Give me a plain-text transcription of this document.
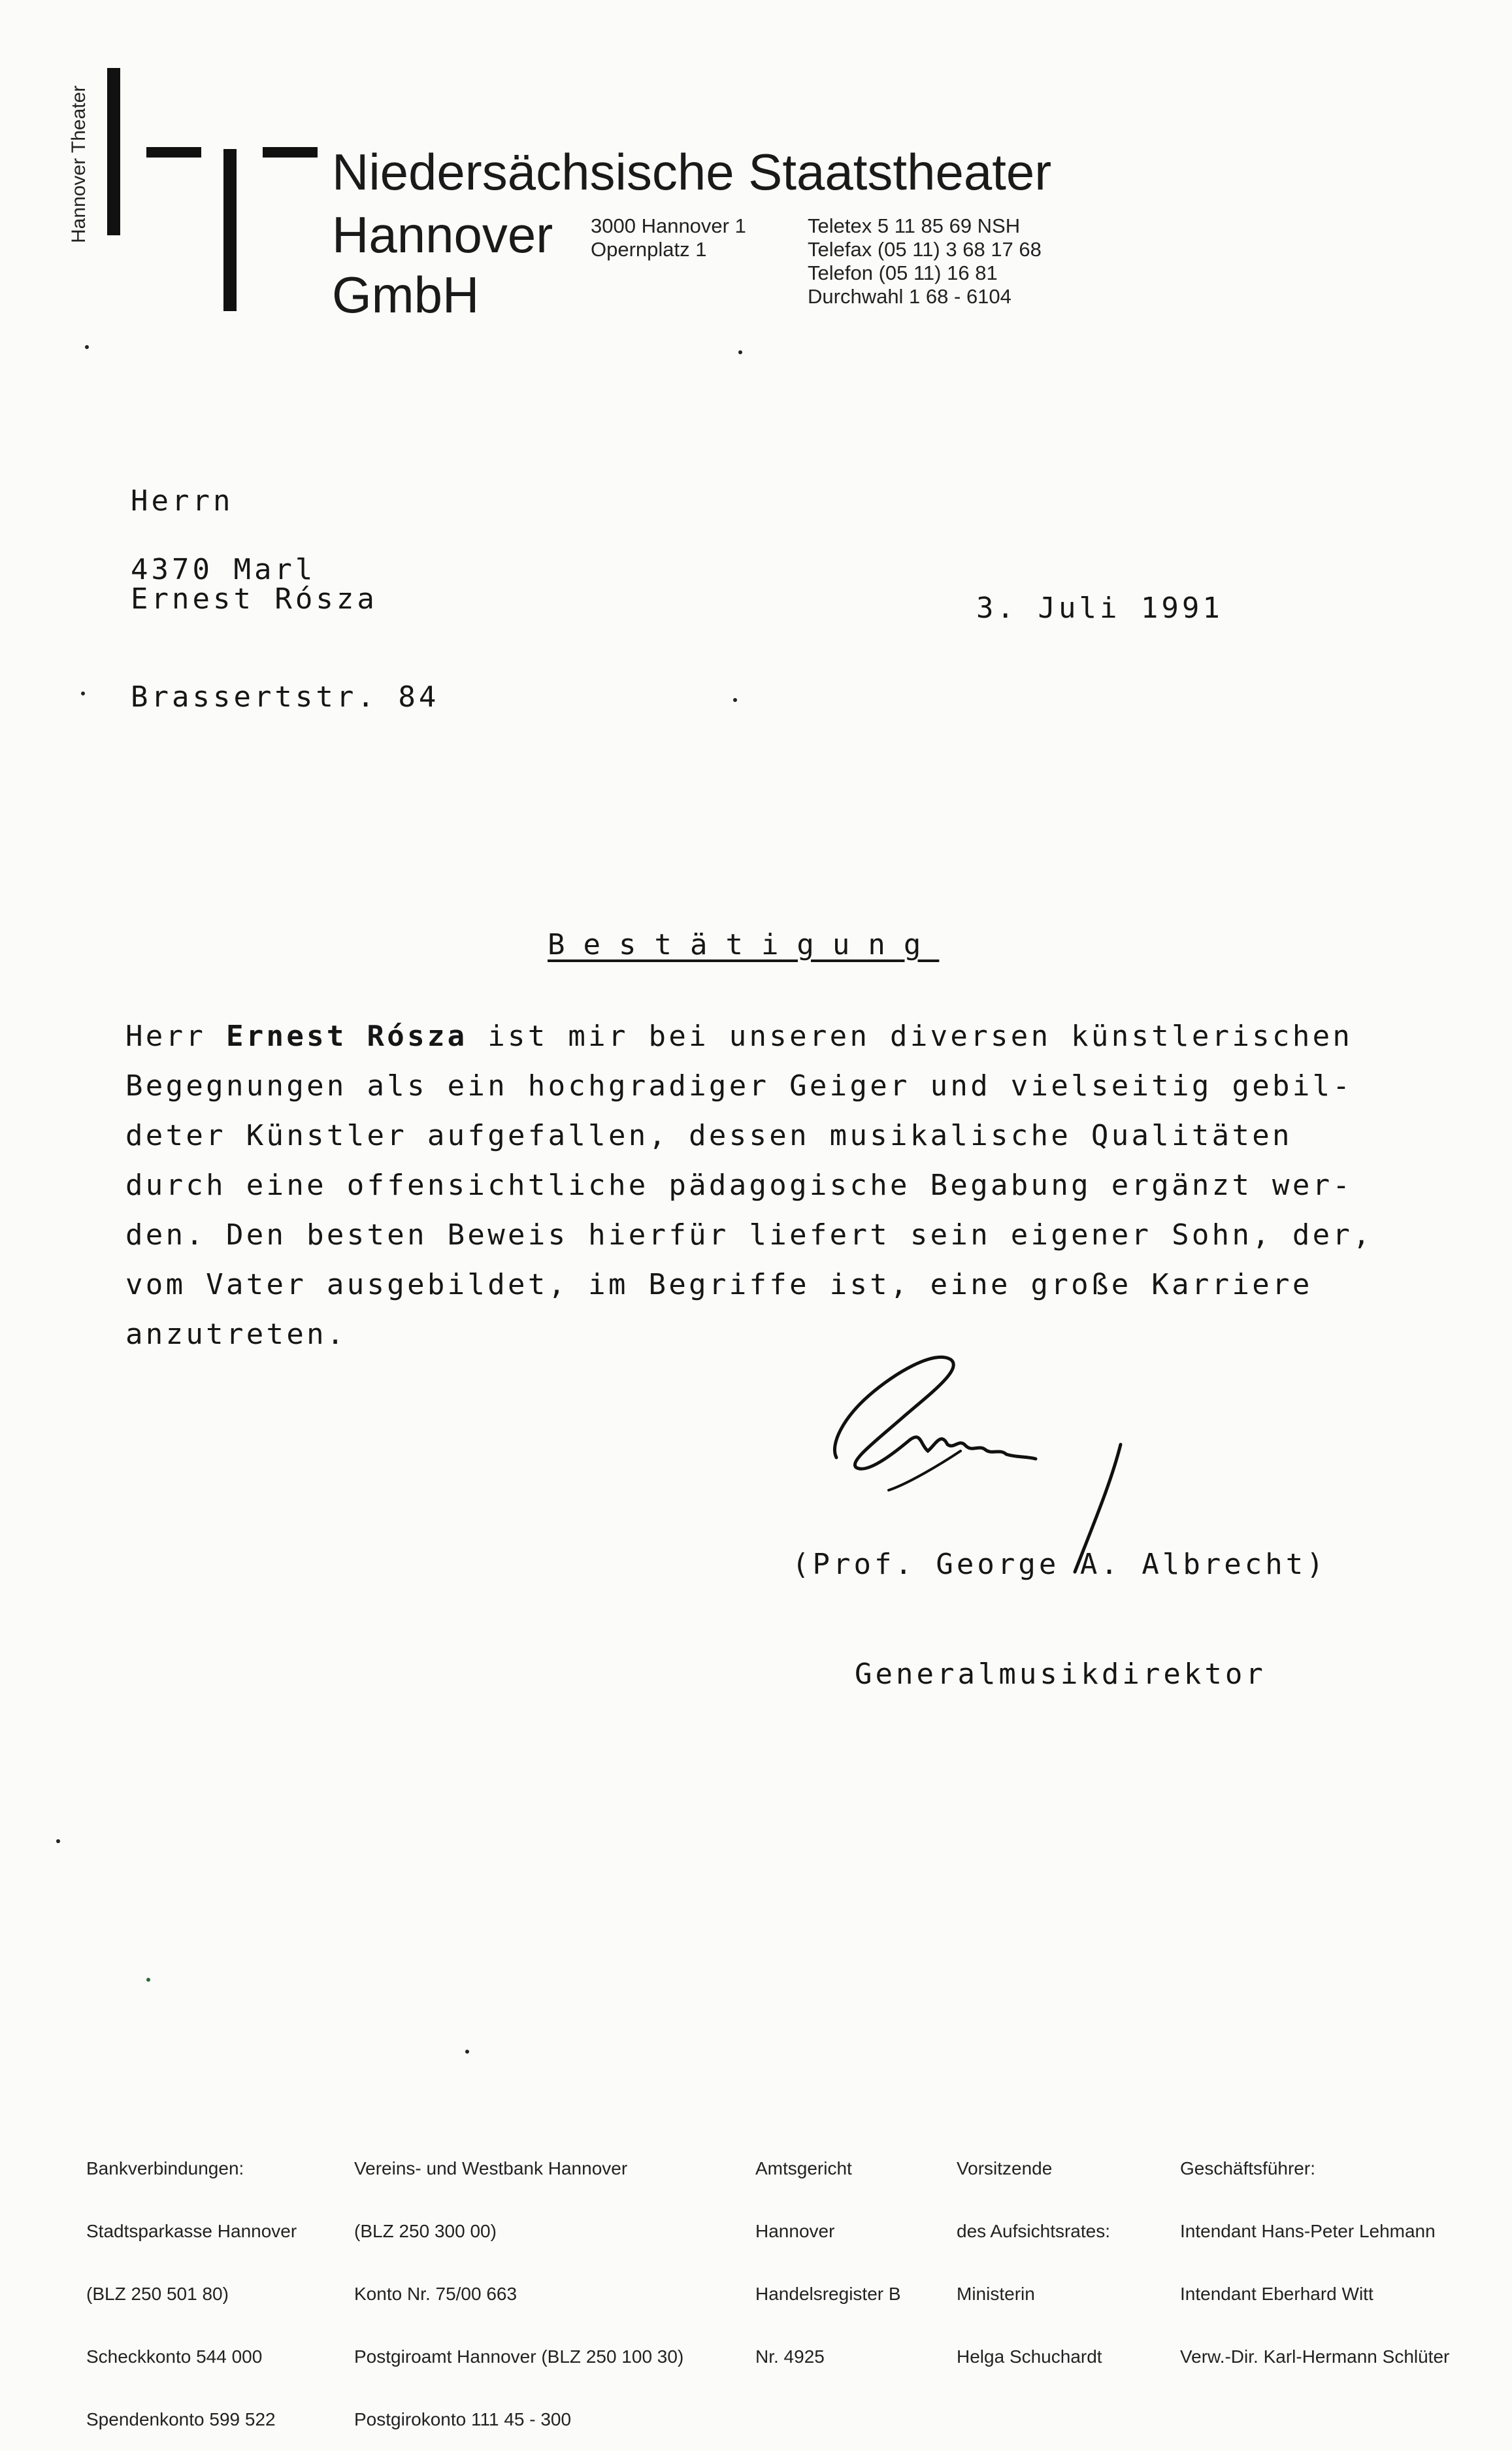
Hannover Theater	Niedersächsische Staatstheater
Hannover
GmbH
3000 Hannover 1
Opernplatz 1
Teletex 5 11 85 69 NSH
Telefax (05 11) 3 68 17 68
Telefon (05 11) 16 81
Durchwahl 1 68 - 6104

Herrn

Ernest Rósza

Brassertstr. 84

4370 Marl
3. Juli 1991
Bestätigung
Herr Ernest Rósza ist mir bei unseren diversen künstlerischen
Begegnungen als ein hochgradiger Geiger und vielseitig gebil-
deter Künstler aufgefallen, dessen musikalische Qualitäten
durch eine offensichtliche pädagogische Begabung ergänzt wer-
den. Den besten Beweis hierfür liefert sein eigener Sohn, der,
vom Vater ausgebildet, im Begriffe ist, eine große Karriere
anzutreten.

(Prof. George A. Albrecht)

Generalmusikdirektor

Bankverbindungen:

Stadtsparkasse Hannover

(BLZ 250 501 80)

Scheckkonto 544 000

Spendenkonto 599 522

Vereins- und Westbank Hannover

(BLZ 250 300 00)

Konto Nr. 75/00 663

Postgiroamt Hannover (BLZ 250 100 30)

Postgirokonto 111 45 - 300

Amtsgericht

Hannover

Handelsregister B

Nr. 4925

Vorsitzende

des Aufsichtsrates:

Ministerin

Helga Schuchardt

Geschäftsführer:

Intendant Hans-Peter Lehmann

Intendant Eberhard Witt

Verw.-Dir. Karl-Hermann Schlüter
